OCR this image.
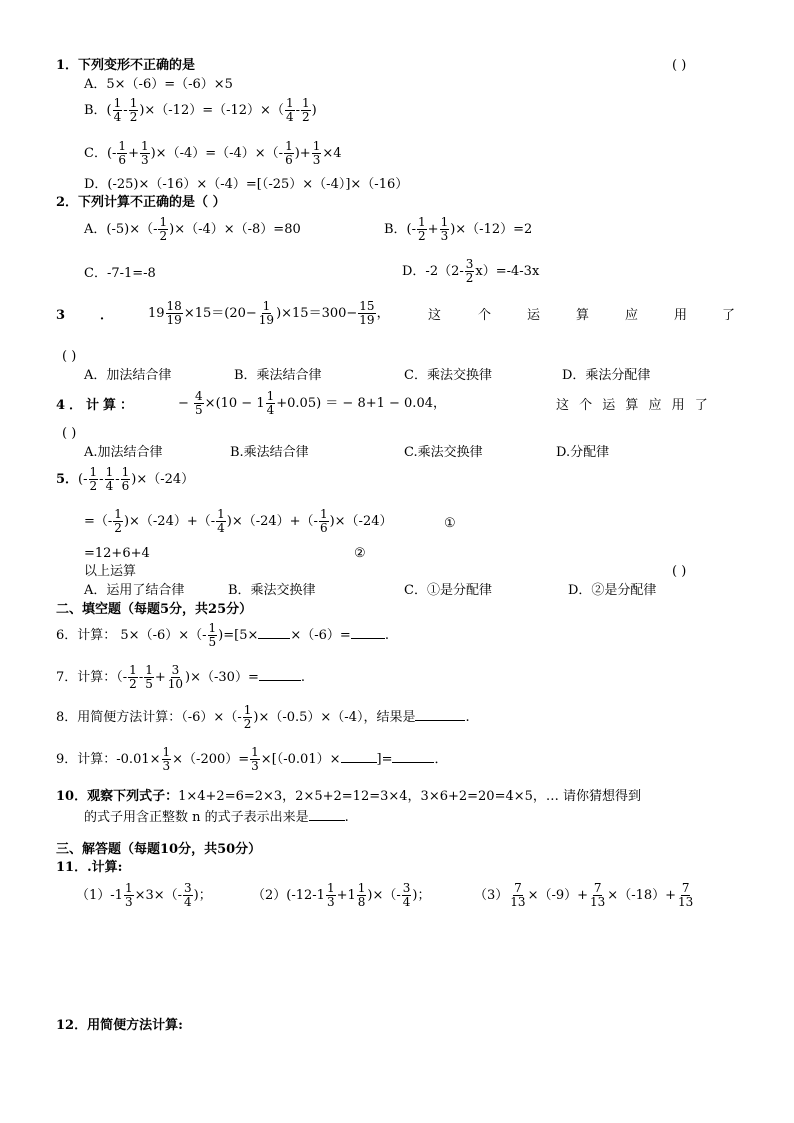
1．下列变形不正确的是	( )
A．5×（-6）=（-6）×5
B．( $\frac{1}{4} - \frac{1}{2} )\times(-12)=(-12)\times( \frac{1}{4} - \frac{1}{2}$ )
C．(- $\frac{1}{6} + \frac{1}{3} )\times(-4)=(-4)\times(- \frac{1}{6}$ )+ $\frac{1}{3} \times 4$
D．(-25)×（-16）×（-4）=[（-25）×（-4）]×（-16）
2．下列计算不正确的是（ ）
A．$(-5)\times(- \frac{1}{2} )\times(-4)\times(-8)=80$	B．(- $\frac{1}{2} + \frac{1}{3} )\times(-12)=2$
C．-7-1=-8	D．$-2(2- \frac{3}{2} x)=-4-3x$
3	．	$19 \frac{18}{19} \times 15=(20- \frac{1}{19} )\times 15=300- \frac{15}{19}$ ，	这	个	运	算	应	用	了
( )
A．加法结合律	B．乘法结合律	C．乘法交换律	D．乘法分配律
4．计算：	− $\frac{4}{5} \times(10 - 1 \frac{1}{4} +0.05)$ ＝ − 8+1 − 0.04，	这 个 运 算 应 用 了
( )
A.加法结合律	B.乘法结合律	C.乘法交换律	D.分配律
5．(- $\frac{1}{2} - \frac{1}{4} - \frac{1}{6} )\times(-24)$
=（- $\frac{1}{2} )\times(-24)+(- \frac{1}{4} )\times(-24)+(- \frac{1}{6} )\times(-24)$	①
=12+6+4	②
以上运算	( )
A．运用了结合律	B．乘法交换律	C．①是分配律	D．②是分配律
二、填空题（每题5分，共25分）
6．计算： $5\times(-6)\times(- \frac{1}{5} )=[5\times \times(-6)=$	.
7．计算：（- $\frac{1}{2} - \frac{1}{5} + \frac{3}{10} )\times(-30)=$	.
8．用简便方法计算：$(-6)\times(- \frac{1}{2} )\times(-0.5)\times(-4)$，结果是	.
9．计算：$-0.01\times \frac{1}{3} \times(-200)= \frac{1}{3} \times[(-0.01)\times$	]=	．
10．观察下列式子：1×4+2=6=2×3，2×5+2=12=3×4，3×6+2=20=4×5，… 请你猜想得到
的式子用含正整数 n 的式子表示出来是	.
三、解答题（每题10分，共50分）
11．.计算:
$(1)-1 \frac{1}{3} \times 3\times(- \frac{3}{4}$ )；	$(2)(-12-1 \frac{1}{3} +1 \frac{1}{8}$ )×（- $\frac{3}{4}$ )；	$(3) \frac{7}{13} \times(-9)+ \frac{7}{13} \times(-18)+ \frac{7}{13}$
12．用简便方法计算:
